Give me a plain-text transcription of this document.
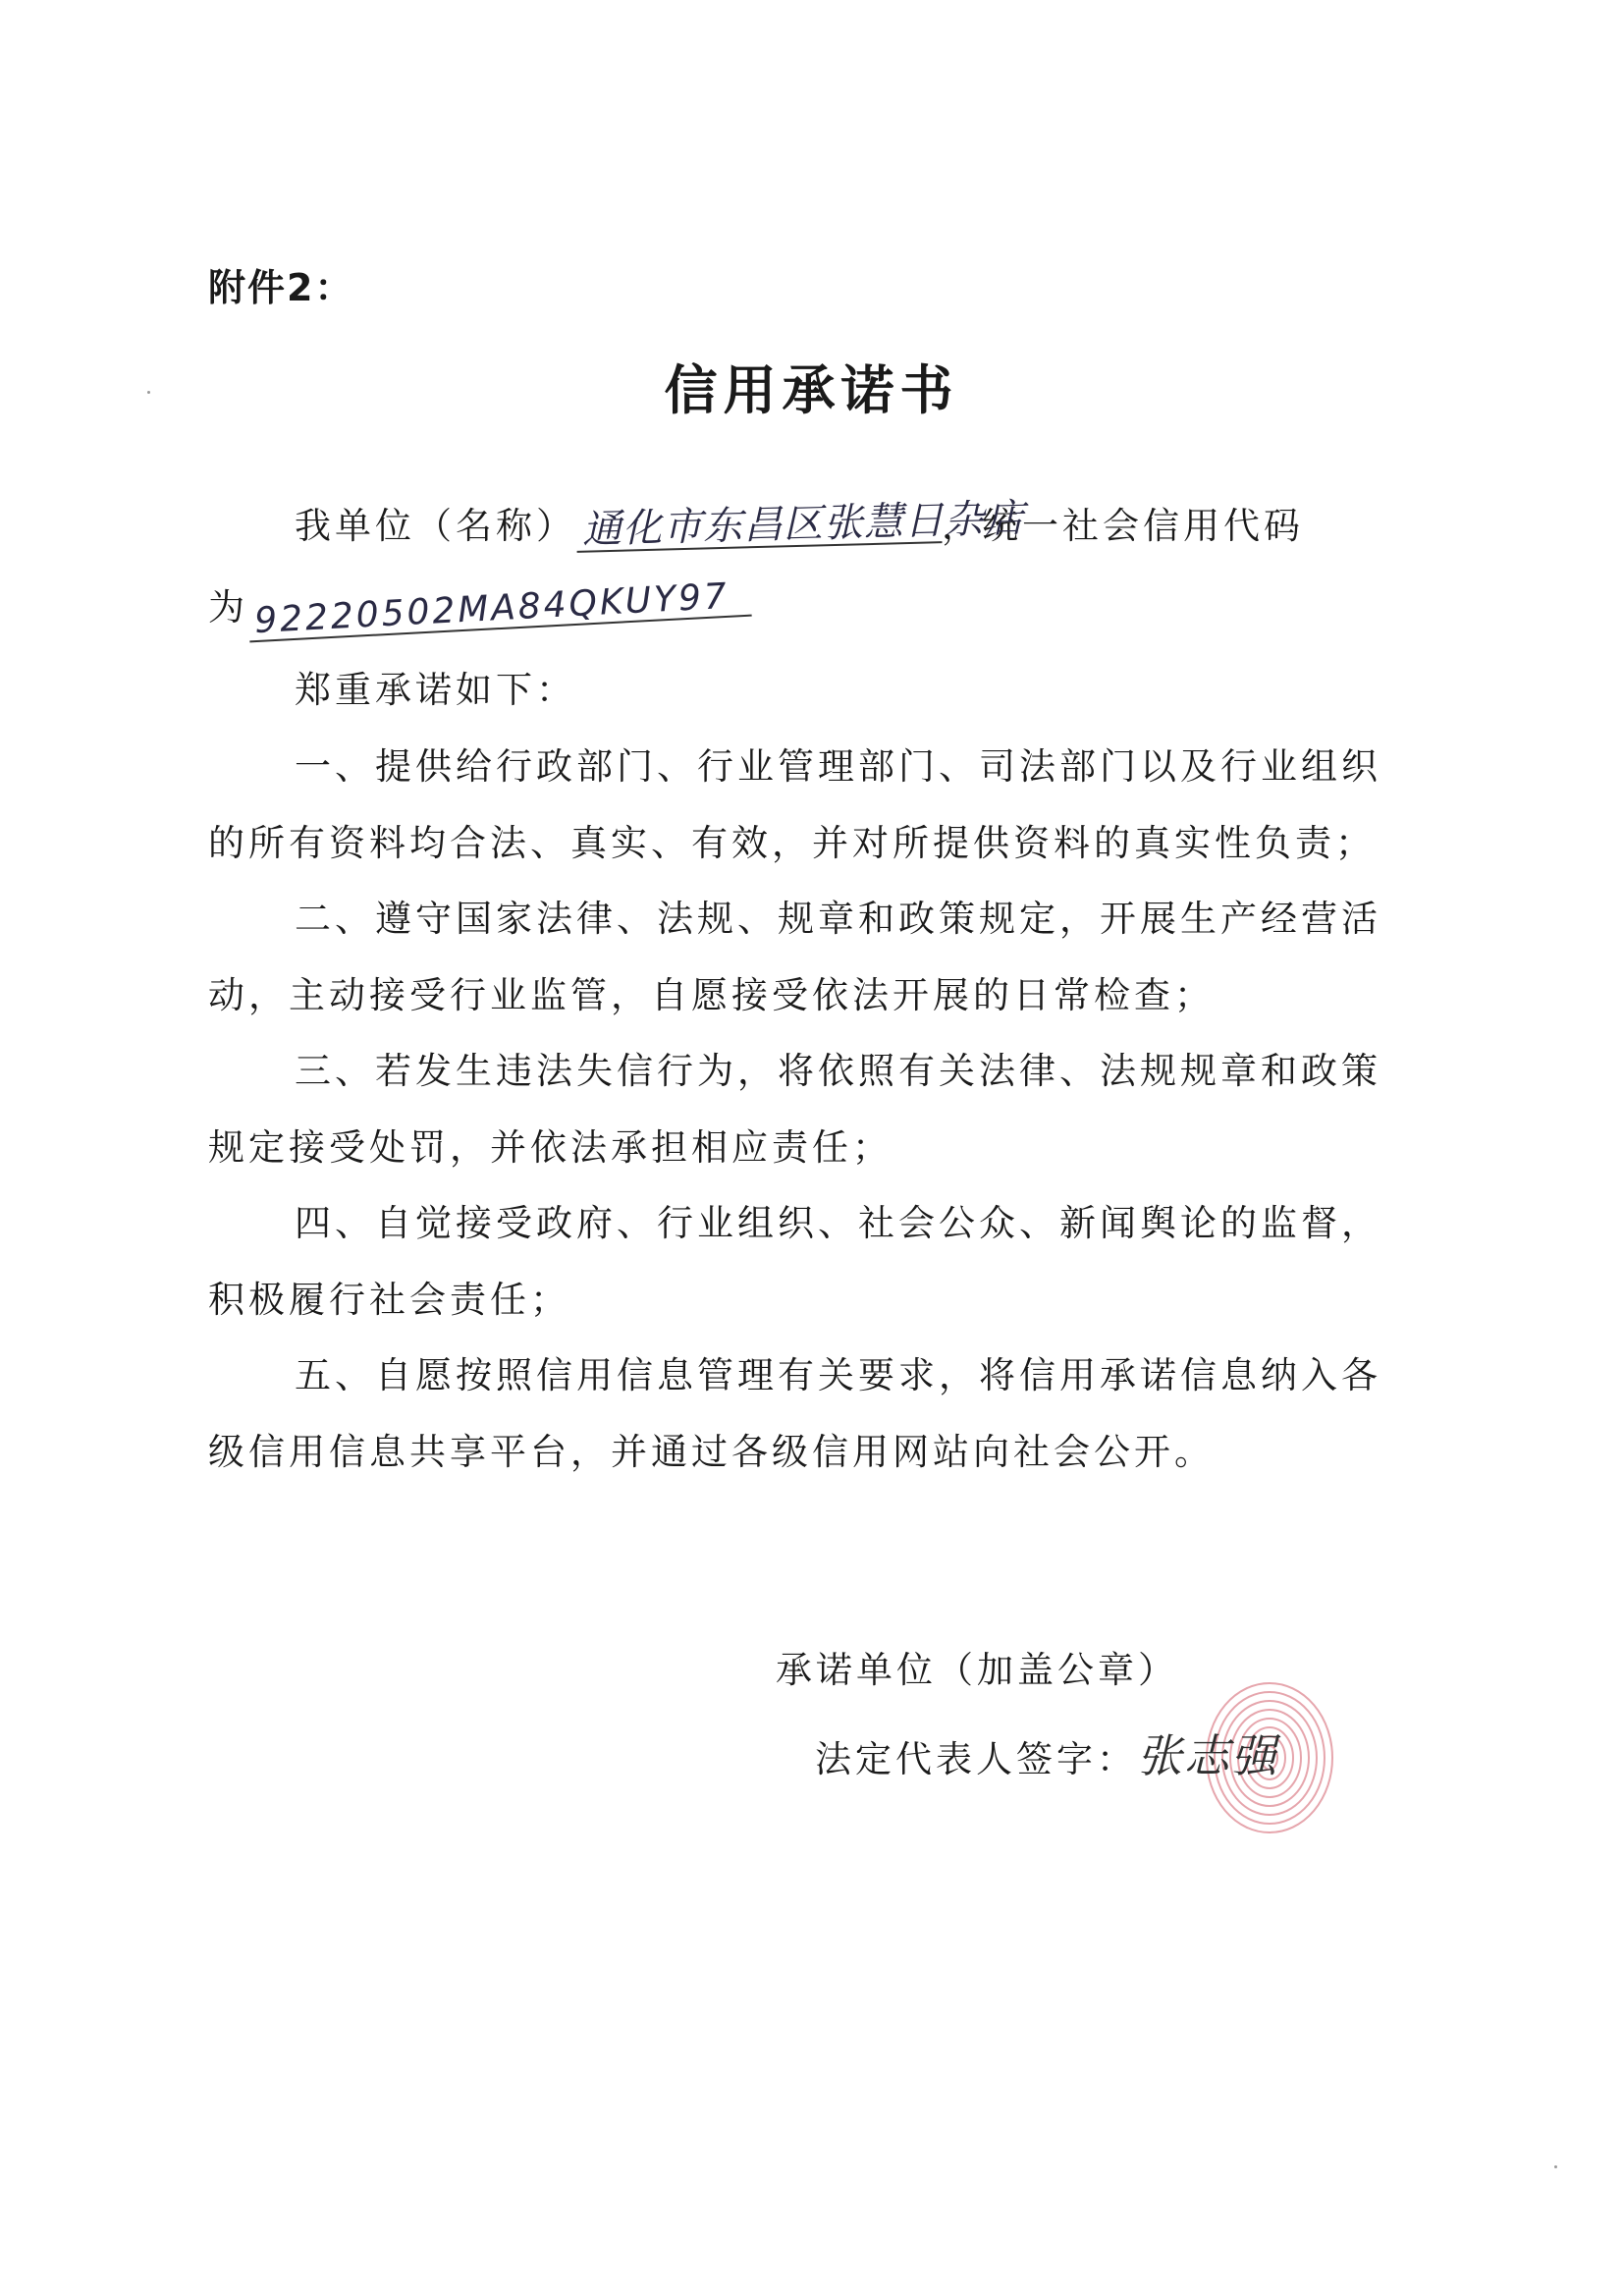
附件2：
信用承诺书
我单位（名称） 通化市东昌区张慧日杂店，统一社会信用代码
为 92220502MA84QKUY97
郑重承诺如下：
一、提供给行政部门、行业管理部门、司法部门以及行业组织
的所有资料均合法、真实、有效，并对所提供资料的真实性负责；
二、遵守国家法律、法规、规章和政策规定，开展生产经营活
动，主动接受行业监管，自愿接受依法开展的日常检查；
三、若发生违法失信行为，将依照有关法律、法规规章和政策
规定接受处罚，并依法承担相应责任；
四、自觉接受政府、行业组织、社会公众、新闻舆论的监督，
积极履行社会责任；
五、自愿按照信用信息管理有关要求，将信用承诺信息纳入各
级信用信息共享平台，并通过各级信用网站向社会公开。
承诺单位（加盖公章）
法定代表人签字：张志强
